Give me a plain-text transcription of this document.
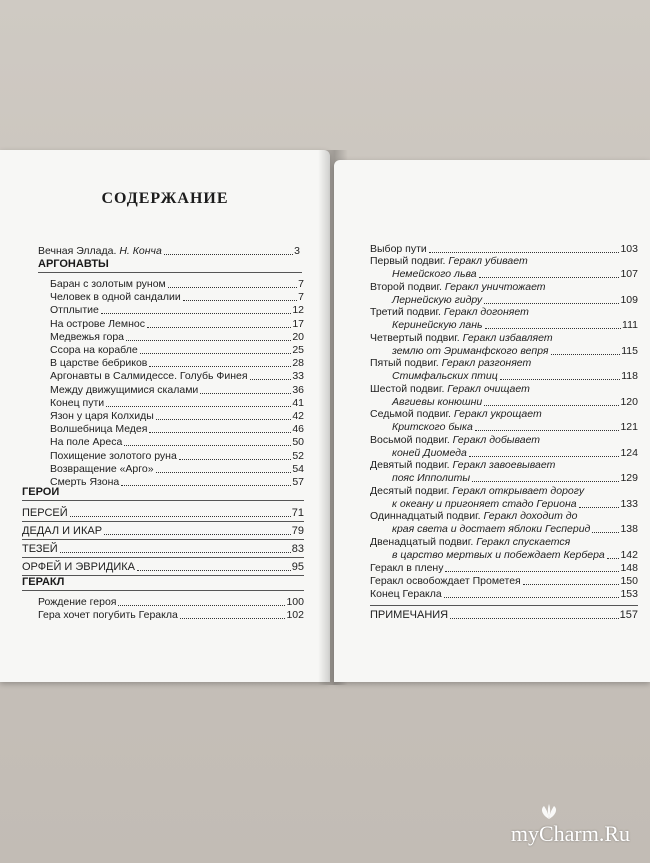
СОДЕРЖАНИЕ
Вечная Эллада. Н. Конча	3
АРГОНАВТЫ
Баран с золотым руном	7
Человек в одной сандалии	7
Отплытие	12
На острове Лемнос	17
Медвежья гора	20
Ссора на корабле	25
В царстве бебриков	28
Аргонавты в Салмидессе. Голубь Финея	33
Между движущимися скалами	36
Конец пути	41
Язон у царя Колхиды	42
Волшебница Медея	46
На поле Ареса	50
Похищение золотого руна	52
Возвращение «Арго»	54
Смерть Язона	57
ГЕРОИ
ПЕРСЕЙ	71
ДЕДАЛ И ИКАР	79
ТЕЗЕЙ	83
ОРФЕЙ И ЭВРИДИКА	95
ГЕРАКЛ
Рождение героя	100
Гера хочет погубить Геракла	102
Выбор пути	103
Первый подвиг. Геракл убивает
Немейского льва	107
Второй подвиг. Геракл уничтожает
Лернейскую гидру	109
Третий подвиг. Геракл догоняет
Керинейскую лань	111
Четвертый подвиг. Геракл избавляет
землю от Эриманфского вепря	115
Пятый подвиг. Геракл разгоняет
Стимфальских птиц	118
Шестой подвиг. Геракл очищает
Авгиевы конюшни	120
Седьмой подвиг. Геракл укрощает
Критского быка	121
Восьмой подвиг. Геракл добывает
коней Диомеда	124
Девятый подвиг. Геракл завоевывает
пояс Ипполиты	129
Десятый подвиг. Геракл открывает дорогу
к океану и пригоняет стадо Гериона	133
Одиннадцатый подвиг. Геракл доходит до
края света и достает яблоки Гесперид	138
Двенадцатый подвиг. Геракл спускается
в царство мертвых и побеждает Кербера 142
Геракл в плену	148
Геракл освобождает Прометея	150
Конец Геракла	153
ПРИМЕЧАНИЯ	157
myCharm.Ru
